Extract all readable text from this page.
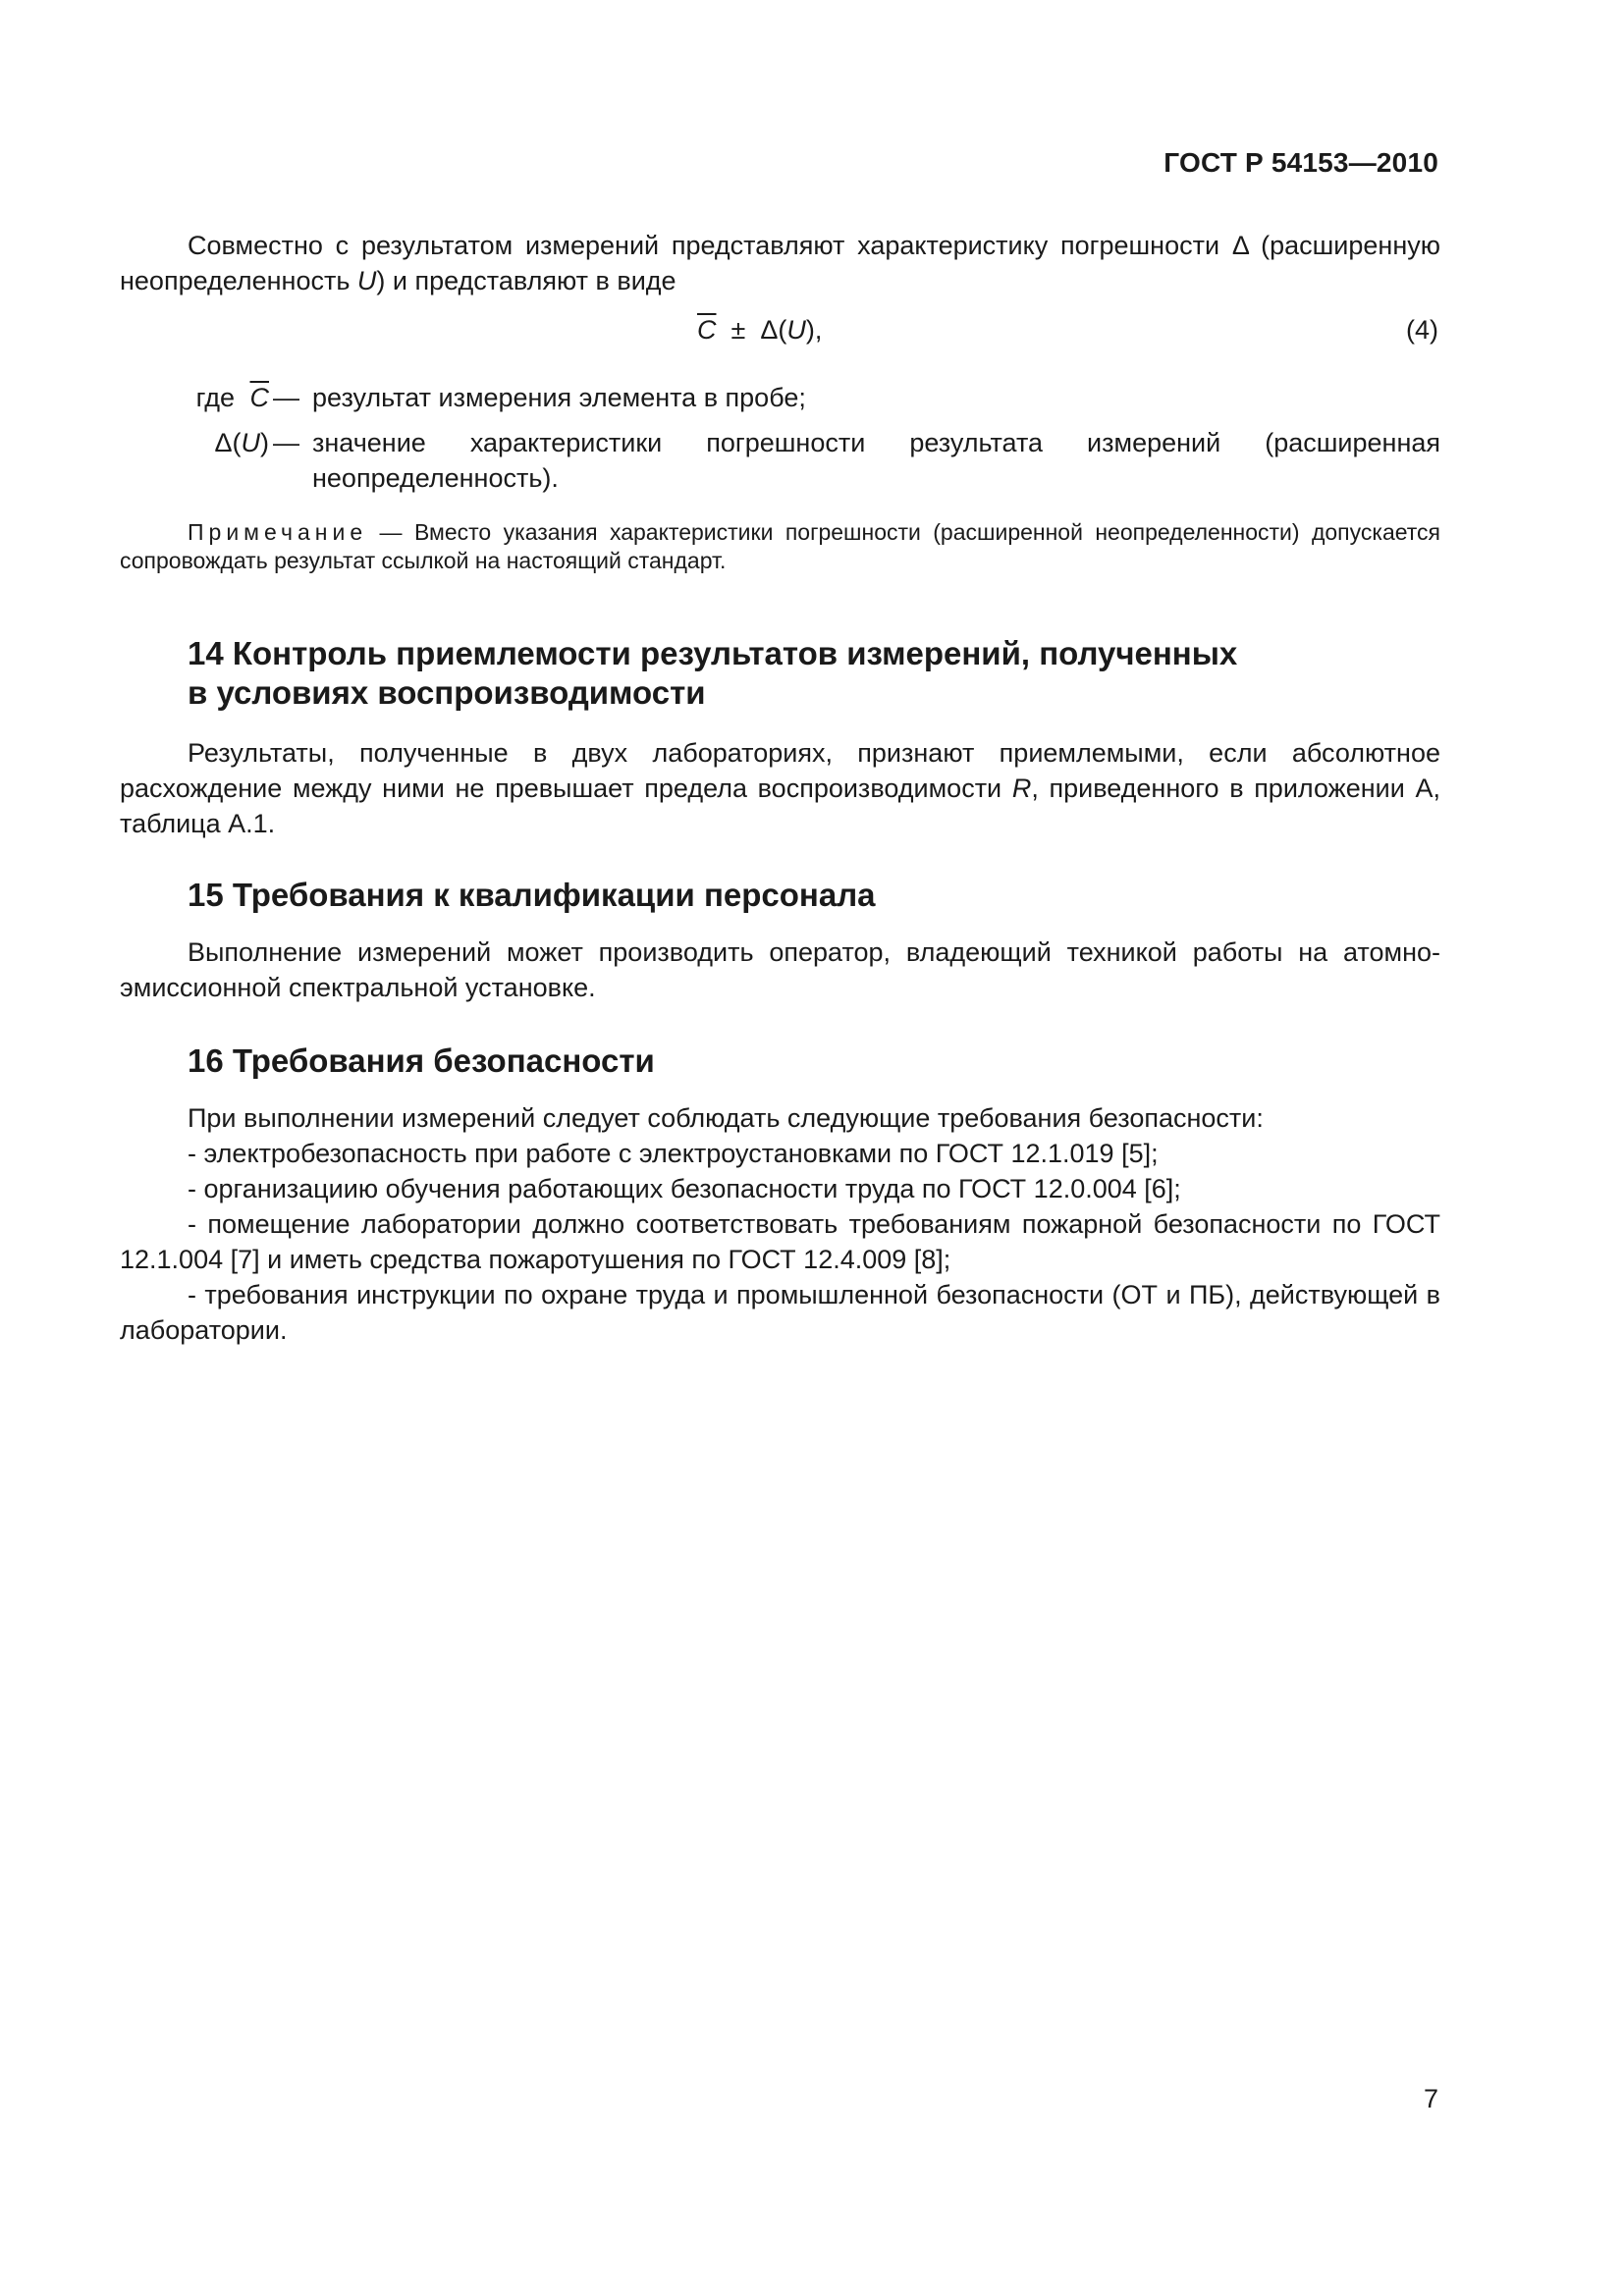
ГОСТ Р 54153—2010

Совместно с результатом измерений представляют характеристику погрешности Δ (расширенную неопределенность U) и представляют в виде

$\overline{C} \pm \Delta(U)$,	(4)
где $\overline{C}$ — результат измерения элемента в пробе;
Δ(U) — значение характеристики погрешности результата измерений (расширенная неопределенность).

Примечание — Вместо указания характеристики погрешности (расширенной неопределенности) допускается сопровождать результат ссылкой на настоящий стандарт.

14 Контроль приемлемости результатов измерений, полученных
в условиях воспроизводимости

Результаты, полученные в двух лабораториях, признают приемлемыми, если абсолютное расхождение между ними не превышает предела воспроизводимости R, приведенного в приложении А, таблица А.1.

15 Требования к квалификации персонала

Выполнение измерений может производить оператор, владеющий техникой работы на атомно-эмиссионной спектральной установке.

16 Требования безопасности

При выполнении измерений следует соблюдать следующие требования безопасности:

- электробезопасность при работе с электроустановками по ГОСТ 12.1.019 [5];

- организациию обучения работающих безопасности труда по ГОСТ 12.0.004 [6];

- помещение лаборатории должно соответствовать требованиям пожарной безопасности по ГОСТ 12.1.004 [7] и иметь средства пожаротушения по ГОСТ 12.4.009 [8];

- требования инструкции по охране труда и промышленной безопасности (ОТ и ПБ), действующей в лаборатории.

7
